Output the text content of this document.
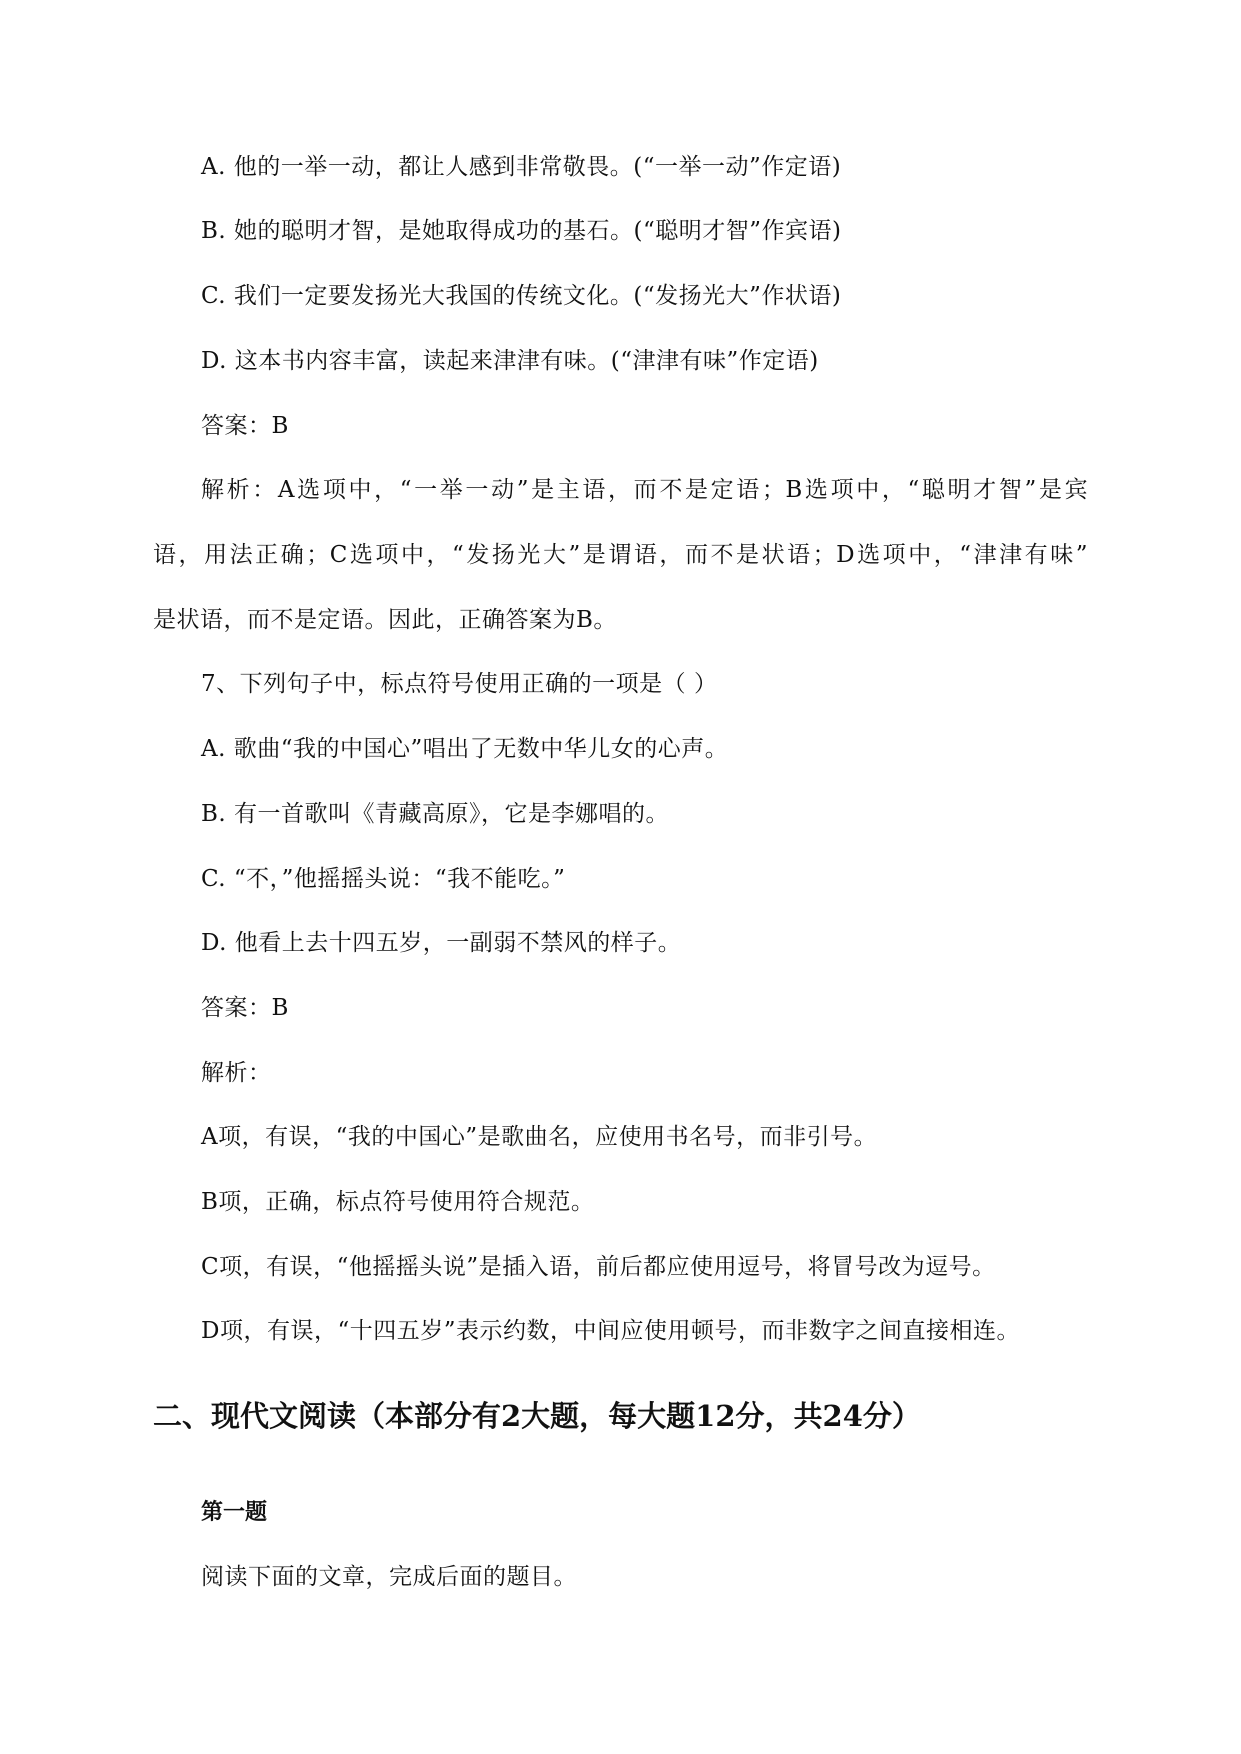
A. 他的一举一动，都让人感到非常敬畏。(“一举一动”作定语)
B. 她的聪明才智，是她取得成功的基石。(“聪明才智”作宾语)
C. 我们一定要发扬光大我国的传统文化。(“发扬光大”作状语)
D. 这本书内容丰富，读起来津津有味。(“津津有味”作定语)
答案：B
解析：A选项中，“一举一动”是主语，而不是定语；B选项中，“聪明才智”是宾
语，用法正确；C选项中，“发扬光大”是谓语，而不是状语；D选项中，“津津有味”
是状语，而不是定语。因此，正确答案为B。
7、下列句子中，标点符号使用正确的一项是（ ）
A. 歌曲“我的中国心”唱出了无数中华儿女的心声。
B. 有一首歌叫《青藏高原》，它是李娜唱的。
C. “不，”他摇摇头说：“我不能吃。”
D. 他看上去十四五岁，一副弱不禁风的样子。
答案：B
解析：
A项，有误，“我的中国心”是歌曲名，应使用书名号，而非引号。
B项，正确，标点符号使用符合规范。
C项，有误，“他摇摇头说”是插入语，前后都应使用逗号，将冒号改为逗号。
D项，有误，“十四五岁”表示约数，中间应使用顿号，而非数字之间直接相连。
二、现代文阅读（本部分有2大题，每大题12分，共24分）
第一题
阅读下面的文章，完成后面的题目。
